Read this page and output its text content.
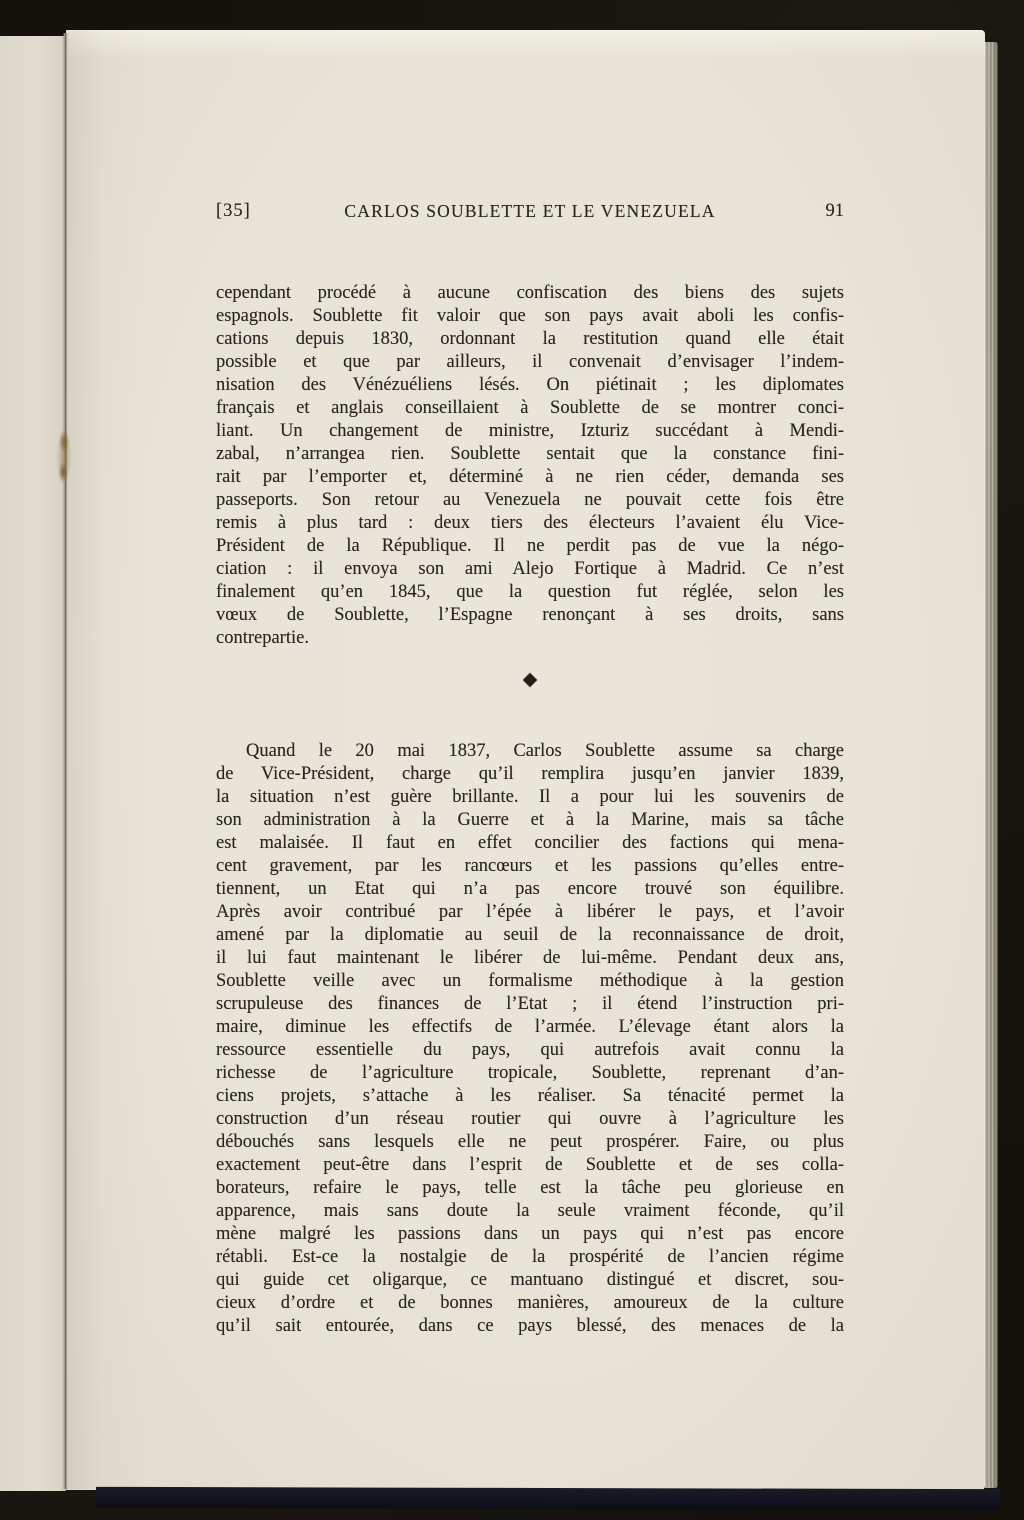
[35]	CARLOS SOUBLETTE ET LE VENEZUELA	91
cependant procédé à aucune confiscation des biens des sujets
espagnols. Soublette fit valoir que son pays avait aboli les confis-
cations depuis 1830, ordonnant la restitution quand elle était
possible et que par ailleurs, il convenait d’envisager l’indem-
nisation des Vénézuéliens lésés. On piétinait ; les diplomates
français et anglais conseillaient à Soublette de se montrer conci-
liant. Un changement de ministre, Izturiz succédant à Mendi-
zabal, n’arrangea rien. Soublette sentait que la constance fini-
rait par l’emporter et, déterminé à ne rien céder, demanda ses
passeports. Son retour au Venezuela ne pouvait cette fois être
remis à plus tard : deux tiers des électeurs l’avaient élu Vice-
Président de la République. Il ne perdit pas de vue la négo-
ciation : il envoya son ami Alejo Fortique à Madrid. Ce n’est
finalement qu’en 1845, que la question fut réglée, selon les
vœux de Soublette, l’Espagne renonçant à ses droits, sans
contrepartie.
Quand le 20 mai 1837, Carlos Soublette assume sa charge
de Vice-Président, charge qu’il remplira jusqu’en janvier 1839,
la situation n’est guère brillante. Il a pour lui les souvenirs de
son administration à la Guerre et à la Marine, mais sa tâche
est malaisée. Il faut en effet concilier des factions qui mena-
cent gravement, par les rancœurs et les passions qu’elles entre-
tiennent, un Etat qui n’a pas encore trouvé son équilibre.
Après avoir contribué par l’épée à libérer le pays, et l’avoir
amené par la diplomatie au seuil de la reconnaissance de droit,
il lui faut maintenant le libérer de lui-même. Pendant deux ans,
Soublette veille avec un formalisme méthodique à la gestion
scrupuleuse des finances de l’Etat ; il étend l’instruction pri-
maire, diminue les effectifs de l’armée. L’élevage étant alors la
ressource essentielle du pays, qui autrefois avait connu la
richesse de l’agriculture tropicale, Soublette, reprenant d’an-
ciens projets, s’attache à les réaliser. Sa ténacité permet la
construction d’un réseau routier qui ouvre à l’agriculture les
débouchés sans lesquels elle ne peut prospérer. Faire, ou plus
exactement peut-être dans l’esprit de Soublette et de ses colla-
borateurs, refaire le pays, telle est la tâche peu glorieuse en
apparence, mais sans doute la seule vraiment féconde, qu’il
mène malgré les passions dans un pays qui n’est pas encore
rétabli. Est-ce la nostalgie de la prospérité de l’ancien régime
qui guide cet oligarque, ce mantuano distingué et discret, sou-
cieux d’ordre et de bonnes manières, amoureux de la culture
qu’il sait entourée, dans ce pays blessé, des menaces de la
